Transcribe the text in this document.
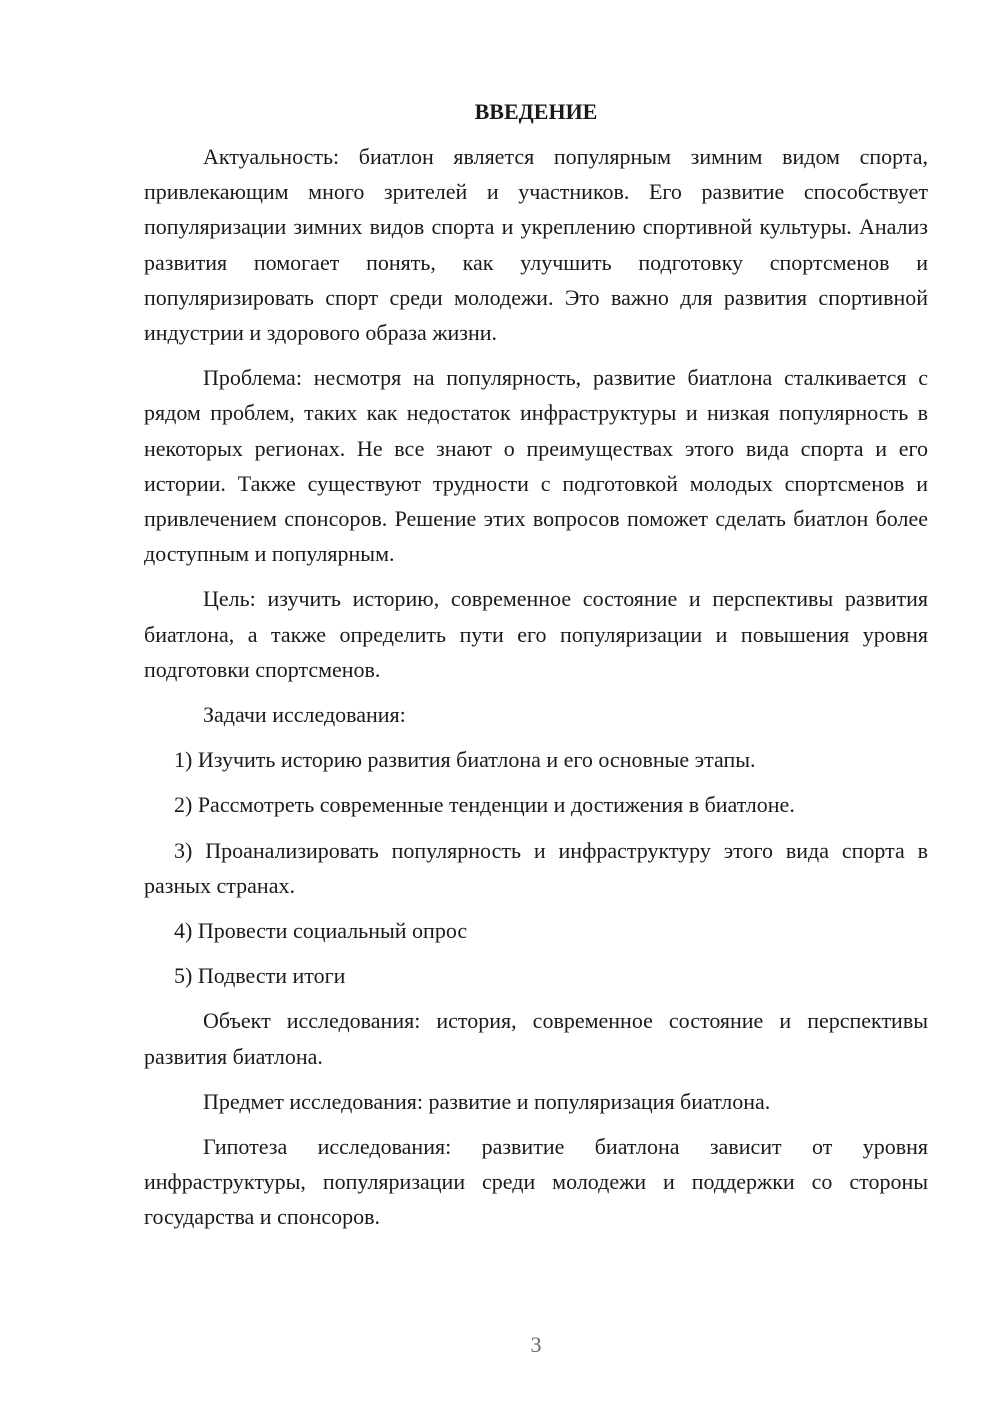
ВВЕДЕНИЕ

Актуальность: биатлон является популярным зимним видом спорта, привлекающим много зрителей и участников. Его развитие способствует популяризации зимних видов спорта и укреплению спортивной культуры. Анализ развития помогает понять, как улучшить подготовку спортсменов и популяризировать спорт среди молодежи. Это важно для развития спортивной индустрии и здорового образа жизни.

Проблема: несмотря на популярность, развитие биатлона сталкивается с рядом проблем, таких как недостаток инфраструктуры и низкая популярность в некоторых регионах. Не все знают о преимуществах этого вида спорта и его истории. Также существуют трудности с подготовкой молодых спортсменов и привлечением спонсоров. Решение этих вопросов поможет сделать биатлон более доступным и популярным.

Цель: изучить историю, современное состояние и перспективы развития биатлона, а также определить пути его популяризации и повышения уровня подготовки спортсменов.

Задачи исследования:

1) Изучить историю развития биатлона и его основные этапы.

2) Рассмотреть современные тенденции и достижения в биатлоне.

3) Проанализировать популярность и инфраструктуру этого вида спорта в разных странах.

4) Провести социальный опрос

5) Подвести итоги

Объект исследования: история, современное состояние и перспективы развития биатлона.

Предмет исследования: развитие и популяризация биатлона.

Гипотеза исследования: развитие биатлона зависит от уровня инфраструктуры, популяризации среди молодежи и поддержки со стороны государства и спонсоров.

3
